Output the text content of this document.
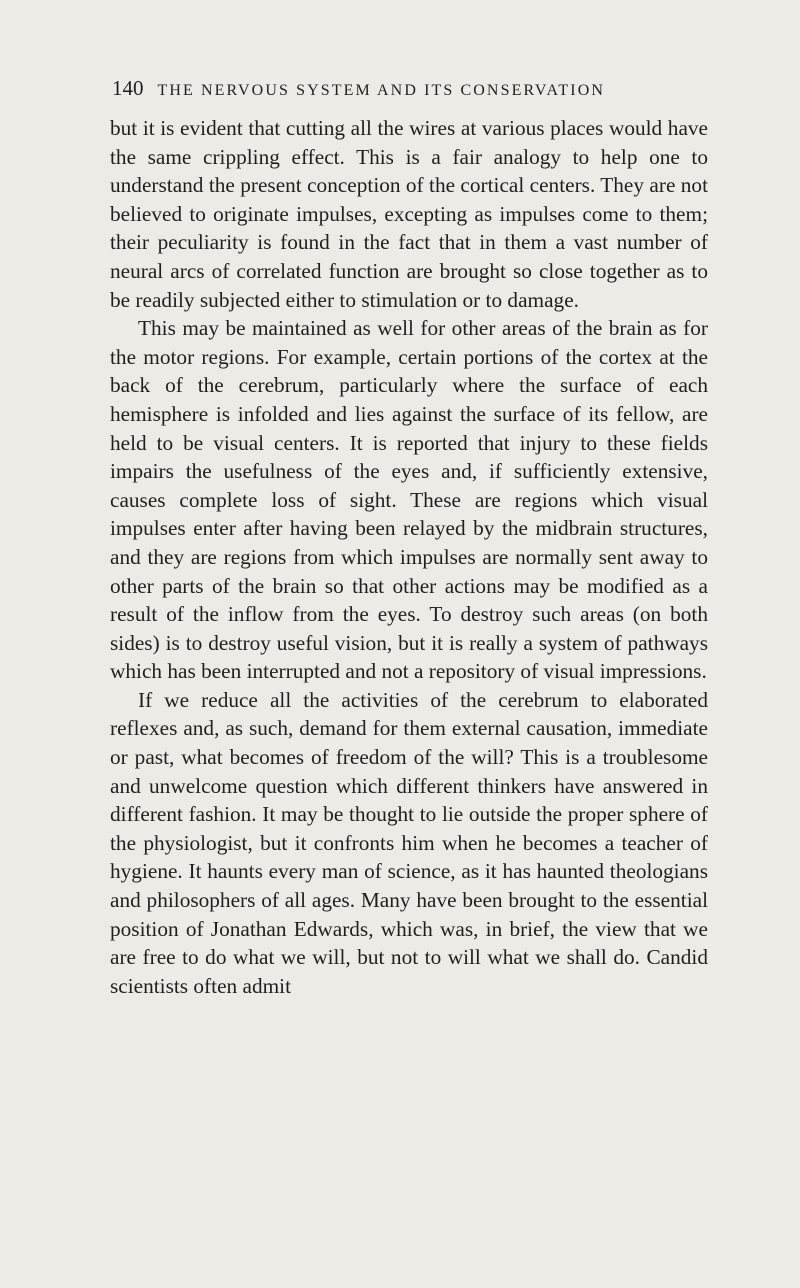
140 THE NERVOUS SYSTEM AND ITS CONSERVATION

but it is evident that cutting all the wires at various places would have the same crippling effect. This is a fair analogy to help one to understand the present conception of the cortical centers. They are not believed to originate impulses, excepting as impulses come to them; their peculiarity is found in the fact that in them a vast number of neural arcs of correlated function are brought so close together as to be readily subjected either to stimulation or to damage.

This may be maintained as well for other areas of the brain as for the motor regions. For example, certain portions of the cortex at the back of the cerebrum, particularly where the surface of each hemisphere is infolded and lies against the surface of its fellow, are held to be visual centers. It is reported that injury to these fields impairs the usefulness of the eyes and, if sufficiently extensive, causes complete loss of sight. These are regions which visual impulses enter after having been relayed by the midbrain structures, and they are regions from which impulses are normally sent away to other parts of the brain so that other actions may be modified as a result of the inflow from the eyes. To destroy such areas (on both sides) is to destroy useful vision, but it is really a system of pathways which has been interrupted and not a repository of visual impressions.

If we reduce all the activities of the cerebrum to elaborated reflexes and, as such, demand for them external causation, immediate or past, what becomes of freedom of the will? This is a troublesome and unwelcome question which different thinkers have answered in different fashion. It may be thought to lie outside the proper sphere of the physiologist, but it confronts him when he becomes a teacher of hygiene. It haunts every man of science, as it has haunted theologians and philosophers of all ages. Many have been brought to the essential position of Jonathan Edwards, which was, in brief, the view that we are free to do what we will, but not to will what we shall do. Candid scientists often admit
